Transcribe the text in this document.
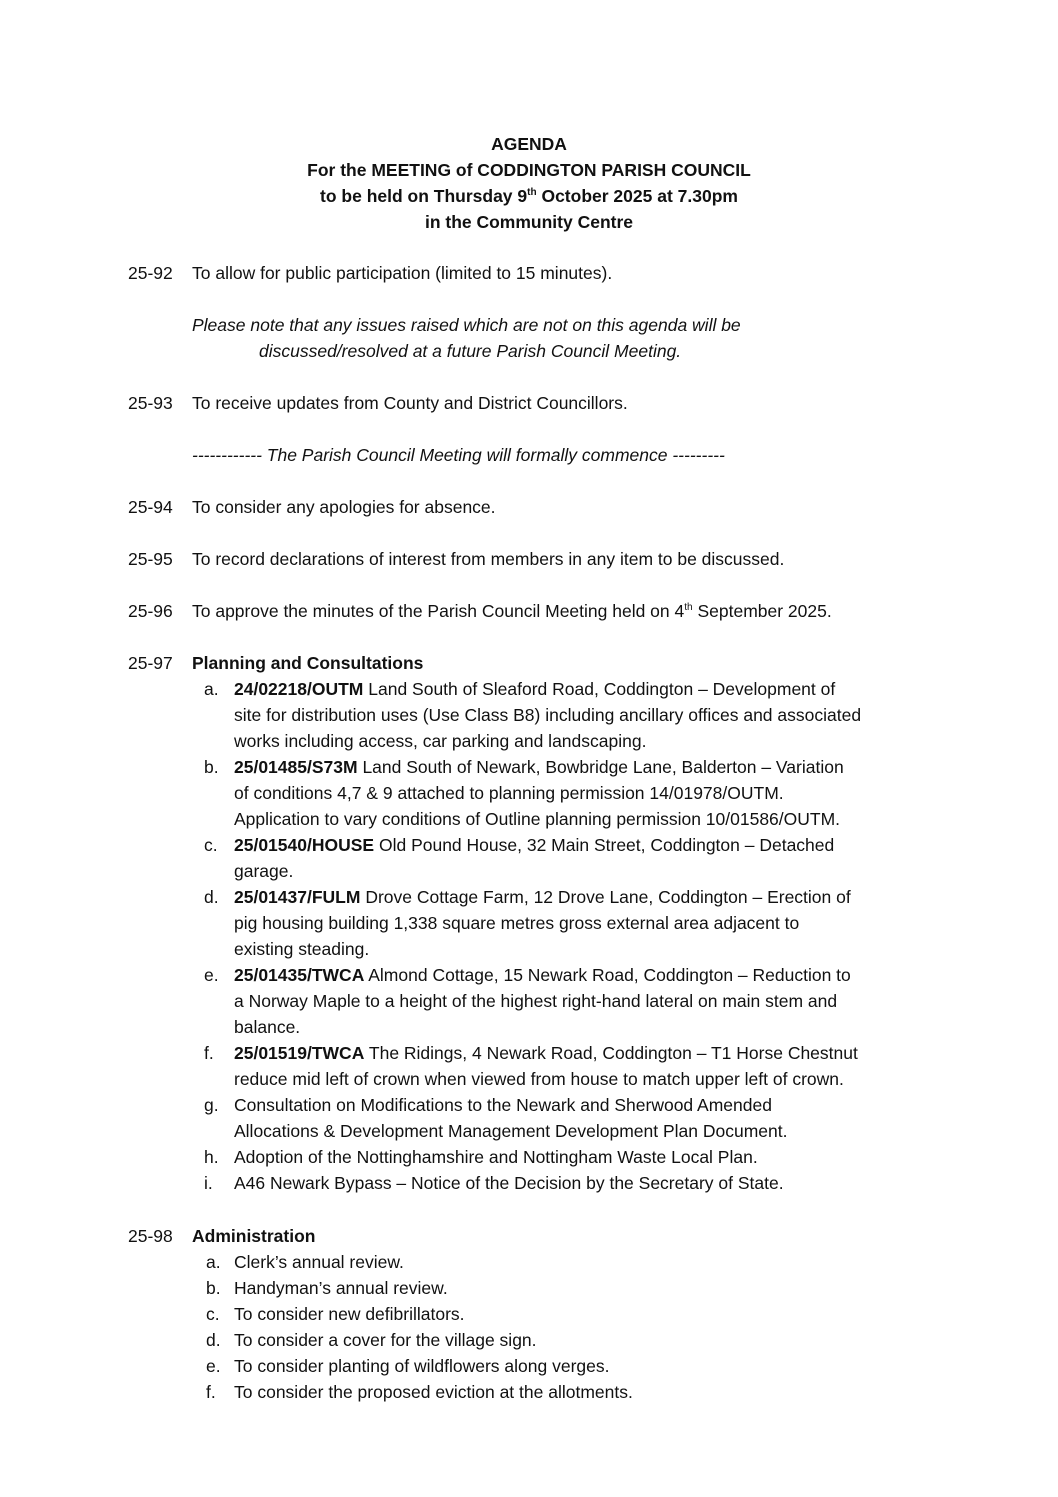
AGENDA
For the MEETING of CODDINGTON PARISH COUNCIL
to be held on Thursday 9th October 2025 at 7.30pm
in the Community Centre
25-92	To allow for public participation (limited to 15 minutes).
Please note that any issues raised which are not on this agenda will be
discussed/resolved at a future Parish Council Meeting.
25-93	To receive updates from County and District Councillors.
------------ The Parish Council Meeting will formally commence ---------
25-94	To consider any apologies for absence.
25-95	To record declarations of interest from members in any item to be discussed.
25-96	To approve the minutes of the Parish Council Meeting held on 4th September 2025.
25-97	Planning and Consultations
a. 24/02218/OUTM Land South of Sleaford Road, Coddington – Development of
site for distribution uses (Use Class B8) including ancillary offices and associated
works including access, car parking and landscaping.
b. 25/01485/S73M Land South of Newark, Bowbridge Lane, Balderton – Variation
of conditions 4,7 & 9 attached to planning permission 14/01978/OUTM.
Application to vary conditions of Outline planning permission 10/01586/OUTM.
c. 25/01540/HOUSE Old Pound House, 32 Main Street, Coddington – Detached
garage.
d. 25/01437/FULM Drove Cottage Farm, 12 Drove Lane, Coddington – Erection of
pig housing building 1,338 square metres gross external area adjacent to
existing steading.
e. 25/01435/TWCA Almond Cottage, 15 Newark Road, Coddington – Reduction to
a Norway Maple to a height of the highest right-hand lateral on main stem and
balance.
f. 25/01519/TWCA The Ridings, 4 Newark Road, Coddington – T1 Horse Chestnut
reduce mid left of crown when viewed from house to match upper left of crown.
g. Consultation on Modifications to the Newark and Sherwood Amended
Allocations & Development Management Development Plan Document.
h. Adoption of the Nottinghamshire and Nottingham Waste Local Plan.
i. A46 Newark Bypass – Notice of the Decision by the Secretary of State.
25-98	Administration
a. Clerk’s annual review.
b. Handyman’s annual review.
c. To consider new defibrillators.
d. To consider a cover for the village sign.
e. To consider planting of wildflowers along verges.
f. To consider the proposed eviction at the allotments.
